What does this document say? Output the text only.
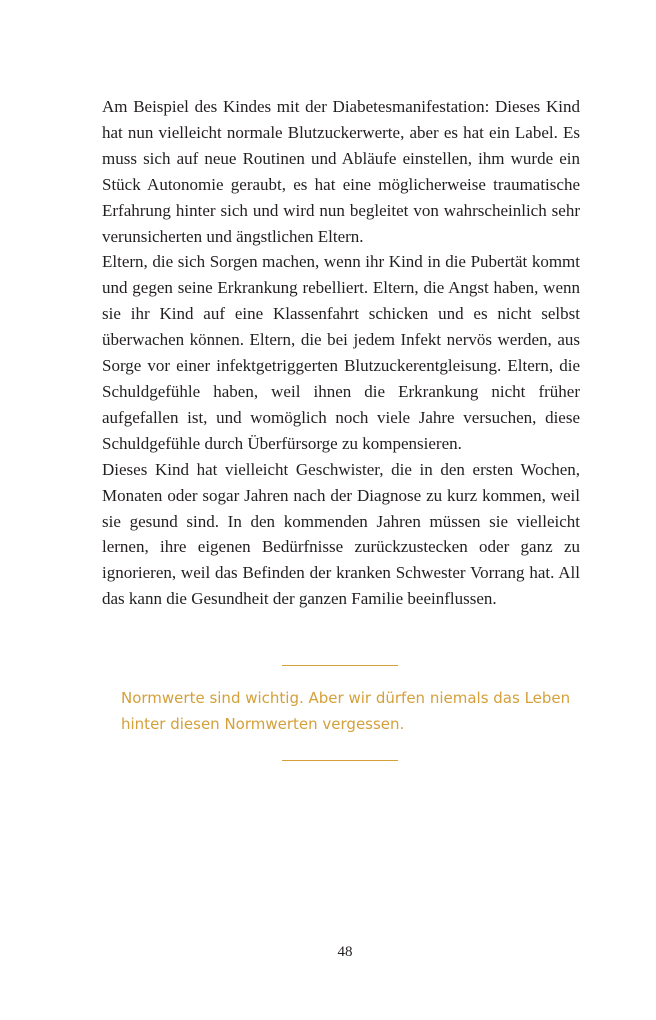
Am Beispiel des Kindes mit der Diabetesmanifestation: Dieses Kind hat nun vielleicht normale Blutzuckerwerte, aber es hat ein Label. Es muss sich auf neue Routinen und Abläufe einstellen, ihm wurde ein Stück Autonomie geraubt, es hat eine möglicherweise traumatische Erfahrung hinter sich und wird nun begleitet von wahrscheinlich sehr verunsicherten und ängstlichen Eltern.

Eltern, die sich Sorgen machen, wenn ihr Kind in die Pubertät kommt und gegen seine Erkrankung rebelliert. Eltern, die Angst haben, wenn sie ihr Kind auf eine Klassenfahrt schicken und es nicht selbst überwachen können. Eltern, die bei jedem Infekt nervös werden, aus Sorge vor einer infektgetriggerten Blutzuckerentgleisung. Eltern, die Schuldgefühle haben, weil ihnen die Erkrankung nicht früher aufgefallen ist, und womöglich noch viele Jahre versuchen, diese Schuldgefühle durch Überfürsorge zu kompensieren.

Dieses Kind hat vielleicht Geschwister, die in den ersten Wochen, Monaten oder sogar Jahren nach der Diagnose zu kurz kommen, weil sie gesund sind. In den kommenden Jahren müssen sie vielleicht lernen, ihre eigenen Bedürfnisse zurückzustecken oder ganz zu ignorieren, weil das Befinden der kranken Schwester Vorrang hat. All das kann die Gesundheit der ganzen Familie beeinflussen.

Normwerte sind wichtig. Aber wir dürfen niemals das Leben
hinter diesen Normwerten vergessen.

48
